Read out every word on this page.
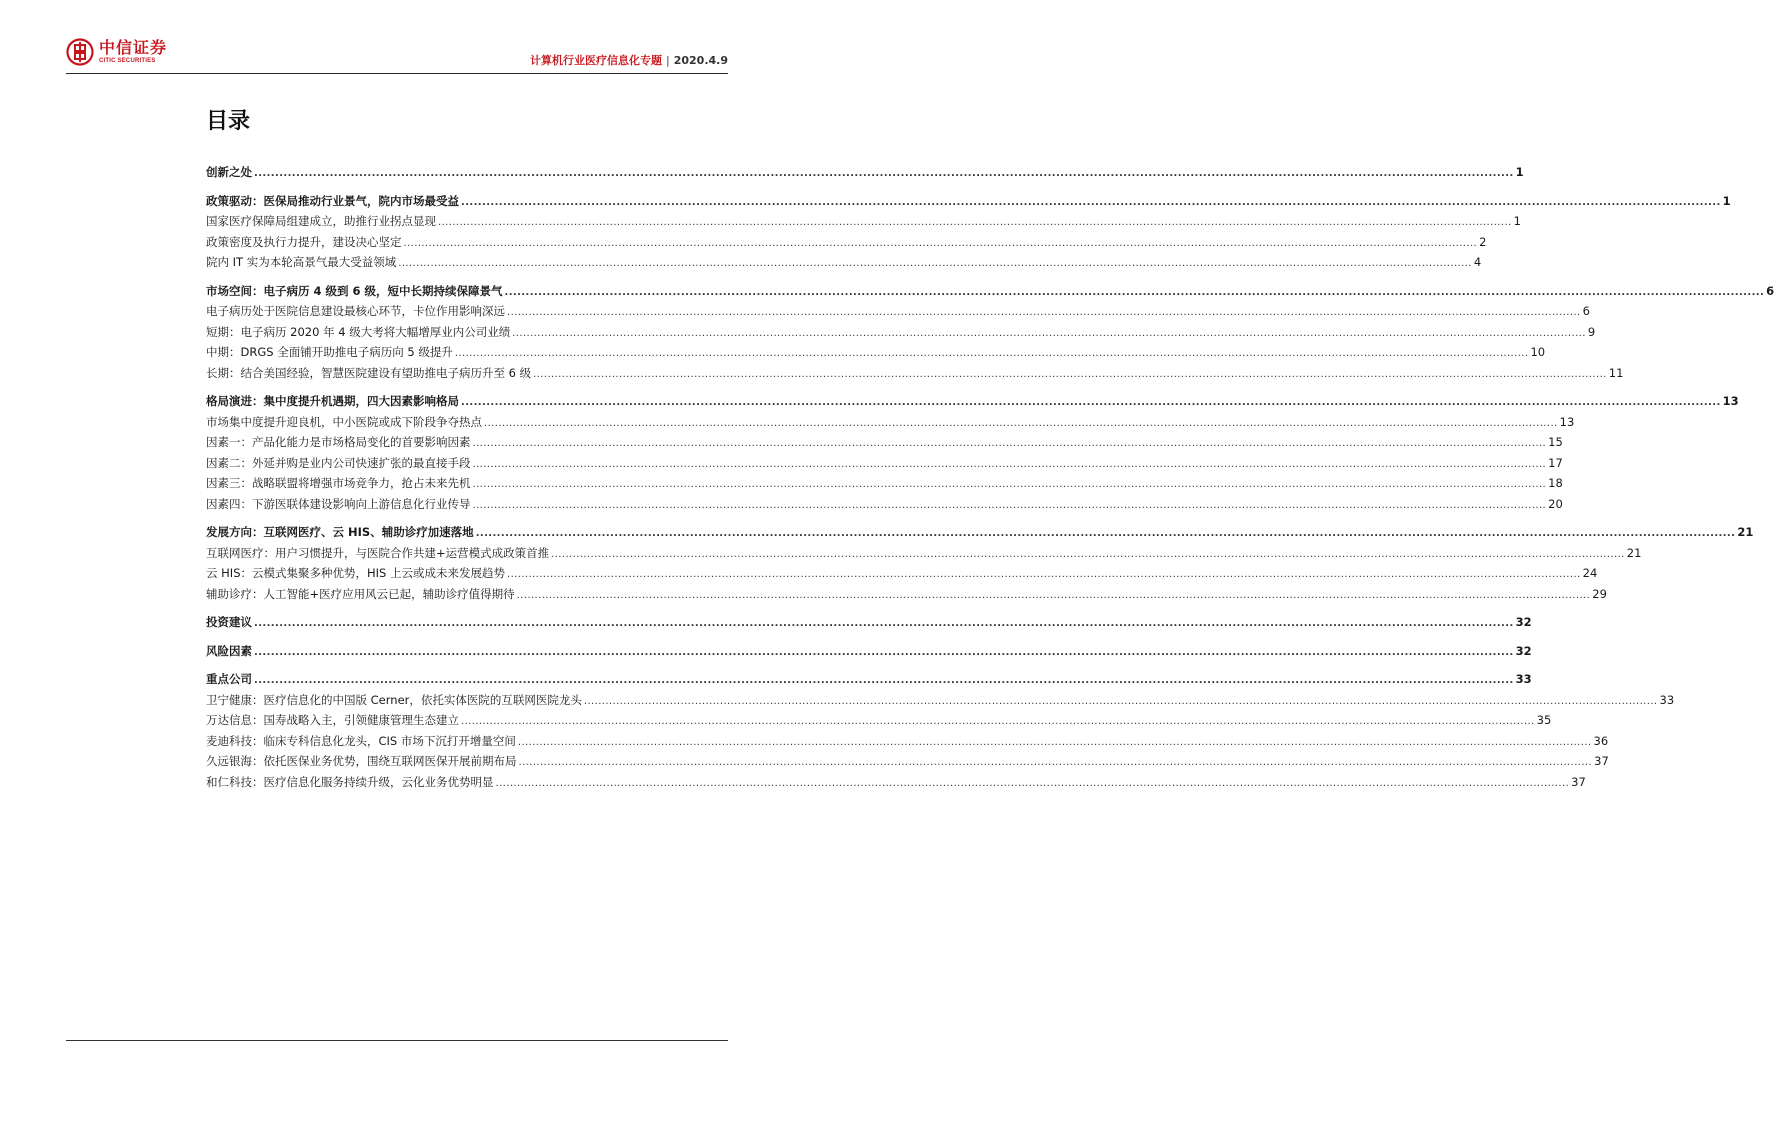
中信证券
CITIC SECURITIES	计算机行业医疗信息化专题 | 2020.4.9
目录
创新之处 ............................................................................................................................................................................................................................................................................................................ 1
政策驱动：医保局推动行业景气，院内市场最受益 ............................................................................................................................................................................................................................................................................................................ 1
国家医疗保障局组建成立，助推行业拐点显现 ............................................................................................................................................................................................................................................................................................................ 1
政策密度及执行力提升，建设决心坚定 ............................................................................................................................................................................................................................................................................................................ 2
院内 IT 实为本轮高景气最大受益领域 ............................................................................................................................................................................................................................................................................................................ 4
市场空间：电子病历 4 级到 6 级，短中长期持续保障景气 ............................................................................................................................................................................................................................................................................................................ 6
电子病历处于医院信息建设最核心环节，卡位作用影响深远 ............................................................................................................................................................................................................................................................................................................ 6
短期：电子病历 2020 年 4 级大考将大幅增厚业内公司业绩 ............................................................................................................................................................................................................................................................................................................ 9
中期：DRGS 全面铺开助推电子病历向 5 级提升 ............................................................................................................................................................................................................................................................................................................ 10
长期：结合美国经验，智慧医院建设有望助推电子病历升至 6 级 ............................................................................................................................................................................................................................................................................................................ 11
格局演进：集中度提升机遇期，四大因素影响格局 ............................................................................................................................................................................................................................................................................................................ 13
市场集中度提升迎良机，中小医院或成下阶段争夺热点 ............................................................................................................................................................................................................................................................................................................ 13
因素一：产品化能力是市场格局变化的首要影响因素 ............................................................................................................................................................................................................................................................................................................ 15
因素二：外延并购是业内公司快速扩张的最直接手段 ............................................................................................................................................................................................................................................................................................................ 17
因素三：战略联盟将增强市场竞争力，抢占未来先机 ............................................................................................................................................................................................................................................................................................................ 18
因素四：下游医联体建设影响向上游信息化行业传导 ............................................................................................................................................................................................................................................................................................................ 20
发展方向：互联网医疗、云 HIS、辅助诊疗加速落地 ............................................................................................................................................................................................................................................................................................................ 21
互联网医疗：用户习惯提升，与医院合作共建+运营模式成政策首推 ............................................................................................................................................................................................................................................................................................................ 21
云 HIS：云模式集聚多种优势，HIS 上云或成未来发展趋势 ............................................................................................................................................................................................................................................................................................................ 24
辅助诊疗：人工智能+医疗应用风云已起，辅助诊疗值得期待 ............................................................................................................................................................................................................................................................................................................ 29
投资建议 ............................................................................................................................................................................................................................................................................................................ 32
风险因素 ............................................................................................................................................................................................................................................................................................................ 32
重点公司 ............................................................................................................................................................................................................................................................................................................ 33
卫宁健康：医疗信息化的中国版 Cerner，依托实体医院的互联网医院龙头 ............................................................................................................................................................................................................................................................................................................ 33
万达信息：国寿战略入主，引领健康管理生态建立 ............................................................................................................................................................................................................................................................................................................ 35
麦迪科技：临床专科信息化龙头，CIS 市场下沉打开增量空间 ............................................................................................................................................................................................................................................................................................................ 36
久远银海：依托医保业务优势，围绕互联网医保开展前期布局 ............................................................................................................................................................................................................................................................................................................ 37
和仁科技：医疗信息化服务持续升级，云化业务优势明显 ............................................................................................................................................................................................................................................................................................................ 37
